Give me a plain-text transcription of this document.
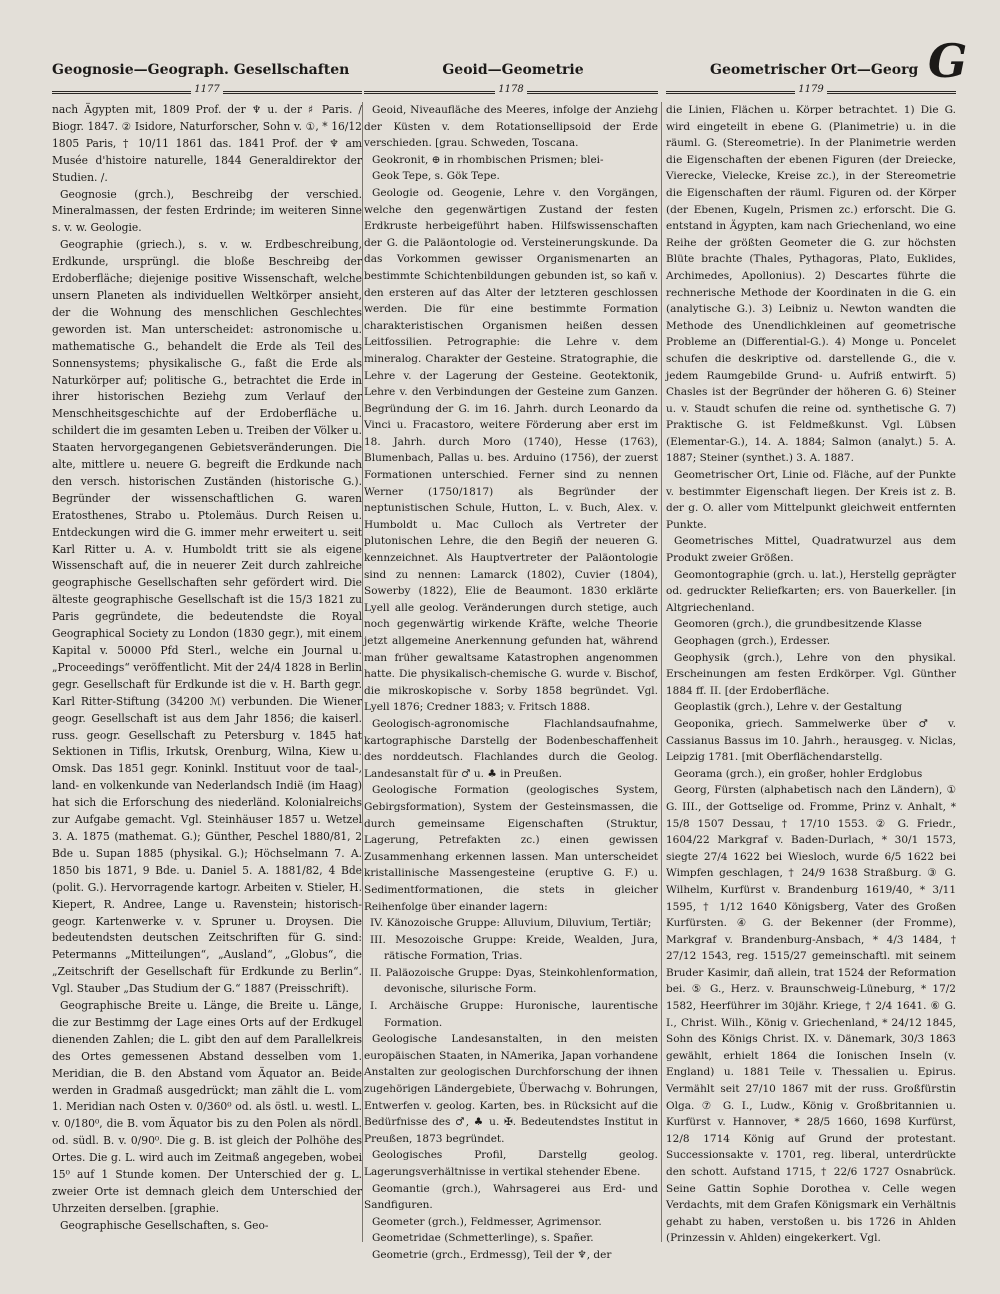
Geognosie—Geograph. Gesellschaften	Geoid—Geometrie	Geometrischer Ort—Georg G
1177	1178	1179

nach Ägypten mit, 1809 Prof. der ♆ u. der ♯ Paris. / Biogr. 1847. ② Isidore, Naturforscher, Sohn v. ①, * 16/12 1805 Paris, † 10/11 1861 das. 1841 Prof. der ♆ am Musée d'histoire naturelle, 1844 Generaldirektor der Studien. /.

Geognosie (grch.), Beschreibg der verschied. Mineralmassen, der festen Erdrinde; im weiteren Sinne s. v. w. Geologie.

Geographie (griech.), s. v. w. Erdbeschreibung, Erdkunde, ursprüngl. die bloße Beschreibg der Erdoberfläche; diejenige positive Wissenschaft, welche unsern Planeten als individuellen Weltkörper ansieht, der die Wohnung des menschlichen Geschlechtes geworden ist. Man unterscheidet: astronomische u. mathematische G., behandelt die Erde als Teil des Sonnensystems; physikalische G., faßt die Erde als Naturkörper auf; politische G., betrachtet die Erde in ihrer historischen Beziehg zum Verlauf der Menschheitsgeschichte auf der Erdoberfläche u. schildert die im gesamten Leben u. Treiben der Völker u. Staaten hervorgegangenen Gebietsveränderungen. Die alte, mittlere u. neuere G. begreift die Erdkunde nach den versch. historischen Zuständen (historische G.). Begründer der wissenschaftlichen G. waren Eratosthenes, Strabo u. Ptolemäus. Durch Reisen u. Entdeckungen wird die G. immer mehr erweitert u. seit Karl Ritter u. A. v. Humboldt tritt sie als eigene Wissenschaft auf, die in neuerer Zeit durch zahlreiche geographische Gesellschaften sehr gefördert wird. Die älteste geographische Gesellschaft ist die 15/3 1821 zu Paris gegründete, die bedeutendste die Royal Geographical Society zu London (1830 gegr.), mit einem Kapital v. 50000 Pfd Sterl., welche ein Journal u. „Proceedings“ veröffentlicht. Mit der 24/4 1828 in Berlin gegr. Gesellschaft für Erdkunde ist die v. H. Barth gegr. Karl Ritter-Stiftung (34200 ℳ) verbunden. Die Wiener geogr. Gesellschaft ist aus dem Jahr 1856; die kaiserl. russ. geogr. Gesellschaft zu Petersburg v. 1845 hat Sektionen in Tiflis, Irkutsk, Orenburg, Wilna, Kiew u. Omsk. Das 1851 gegr. Koninkl. Instituut voor de taal-, land- en volkenkunde van Nederlandsch Indië (im Haag) hat sich die Erforschung des niederländ. Kolonialreichs zur Aufgabe gemacht. Vgl. Steinhäuser 1857 u. Wetzel 3. A. 1875 (mathemat. G.); Günther, Peschel 1880/81, 2 Bde u. Supan 1885 (physikal. G.); Höchselmann 7. A. 1850 bis 1871, 9 Bde. u. Daniel 5. A. 1881/82, 4 Bde (polit. G.). Hervorragende kartogr. Arbeiten v. Stieler, H. Kiepert, R. Andree, Lange u. Ravenstein; historisch-geogr. Kartenwerke v. v. Spruner u. Droysen. Die bedeutendsten deutschen Zeitschriften für G. sind: Petermanns „Mitteilungen“, „Ausland“, „Globus“, die „Zeitschrift der Gesellschaft für Erdkunde zu Berlin“. Vgl. Stauber „Das Studium der G.“ 1887 (Preisschrift).

Geographische Breite u. Länge, die Breite u. Länge, die zur Bestimmg der Lage eines Orts auf der Erdkugel dienenden Zahlen; die L. gibt den auf dem Parallelkreis des Ortes gemessenen Abstand desselben vom 1. Meridian, die B. den Abstand vom Äquator an. Beide werden in Gradmaß ausgedrückt; man zählt die L. vom 1. Meridian nach Osten v. 0/360⁰ od. als östl. u. westl. L. v. 0/180⁰, die B. vom Äquator bis zu den Polen als nördl. od. südl. B. v. 0/90⁰. Die g. B. ist gleich der Polhöhe des Ortes. Die g. L. wird auch im Zeitmaß angegeben, wobei 15⁰ auf 1 Stunde komen. Der Unterschied der g. L. zweier Orte ist demnach gleich dem Unterschied der Uhrzeiten derselben. [graphie.

Geographische Gesellschaften, s. Geo-

Geoid, Niveaufläche des Meeres, infolge der Anziehg der Küsten v. dem Rotationsellipsoid der Erde verschieden. [grau. Schweden, Toscana.

Geokronit, ⊕ in rhombischen Prismen; blei-

Geok Tepe, s. Gök Tepe.

Geologie od. Geogenie, Lehre v. den Vorgängen, welche den gegenwärtigen Zustand der festen Erdkruste herbeigeführt haben. Hilfswissenschaften der G. die Paläontologie od. Versteinerungskunde. Da das Vorkommen gewisser Organismenarten an bestimmte Schichtenbildungen gebunden ist, so kañ v. den ersteren auf das Alter der letzteren geschlossen werden. Die für eine bestimmte Formation charakteristischen Organismen heißen dessen Leitfossilien. Petrographie: die Lehre v. dem mineralog. Charakter der Gesteine. Stratographie, die Lehre v. der Lagerung der Gesteine. Geotektonik, Lehre v. den Verbindungen der Gesteine zum Ganzen. Begründung der G. im 16. Jahrh. durch Leonardo da Vinci u. Fracastoro, weitere Förderung aber erst im 18. Jahrh. durch Moro (1740), Hesse (1763), Blumenbach, Pallas u. bes. Arduino (1756), der zuerst Formationen unterschied. Ferner sind zu nennen Werner (1750/1817) als Begründer der neptunistischen Schule, Hutton, L. v. Buch, Alex. v. Humboldt u. Mac Culloch als Vertreter der plutonischen Lehre, die den Begiñ der neueren G. kennzeichnet. Als Hauptvertreter der Paläontologie sind zu nennen: Lamarck (1802), Cuvier (1804), Sowerby (1822), Elie de Beaumont. 1830 erklärte Lyell alle geolog. Veränderungen durch stetige, auch noch gegenwärtig wirkende Kräfte, welche Theorie jetzt allgemeine Anerkennung gefunden hat, während man früher gewaltsame Katastrophen angenommen hatte. Die physikalisch-chemische G. wurde v. Bischof, die mikroskopische v. Sorby 1858 begründet. Vgl. Lyell 1876; Credner 1883; v. Fritsch 1888.

Geologisch-agronomische Flachlandsaufnahme, kartographische Darstellg der Bodenbeschaffenheit des norddeutsch. Flachlandes durch die Geolog. Landesanstalt für ♂ u. ♣ in Preußen.

Geologische Formation (geologisches System, Gebirgsformation), System der Gesteinsmassen, die durch gemeinsame Eigenschaften (Struktur, Lagerung, Petrefakten zc.) einen gewissen Zusammenhang erkennen lassen. Man unterscheidet kristallinische Massengesteine (eruptive G. F.) u. Sedimentformationen, die stets in gleicher Reihenfolge über einander lagern:

IV. Känozoische Gruppe: Alluvium, Diluvium, Tertiär;
III. Mesozoische Gruppe: Kreide, Wealden, Jura, rätische Formation, Trias.
II. Paläozoische Gruppe: Dyas, Steinkohlenformation, devonische, silurische Form.
I. Archäische Gruppe: Huronische, laurentische Formation.

Geologische Landesanstalten, in den meisten europäischen Staaten, in NAmerika, Japan vorhandene Anstalten zur geologischen Durchforschung der ihnen zugehörigen Ländergebiete, Überwachg v. Bohrungen, Entwerfen v. geolog. Karten, bes. in Rücksicht auf die Bedürfnisse des ♂, ♣ u. ✠. Bedeutendstes Institut in Preußen, 1873 begründet.

Geologisches Profil, Darstellg geolog. Lagerungsverhältnisse in vertikal stehender Ebene.

Geomantie (grch.), Wahrsagerei aus Erd- und Sandfiguren.

Geometer (grch.), Feldmesser, Agrimensor.

Geometridae (Schmetterlinge), s. Spañer.

Geometrie (grch., Erdmessg), Teil der ♆, der

die Linien, Flächen u. Körper betrachtet. 1) Die G. wird eingeteilt in ebene G. (Planimetrie) u. in die räuml. G. (Stereometrie). In der Planimetrie werden die Eigenschaften der ebenen Figuren (der Dreiecke, Vierecke, Vielecke, Kreise zc.), in der Stereometrie die Eigenschaften der räuml. Figuren od. der Körper (der Ebenen, Kugeln, Prismen zc.) erforscht. Die G. entstand in Ägypten, kam nach Griechenland, wo eine Reihe der größten Geometer die G. zur höchsten Blüte brachte (Thales, Pythagoras, Plato, Euklides, Archimedes, Apollonius). 2) Descartes führte die rechnerische Methode der Koordinaten in die G. ein (analytische G.). 3) Leibniz u. Newton wandten die Methode des Unendlichkleinen auf geometrische Probleme an (Differential-G.). 4) Monge u. Poncelet schufen die deskriptive od. darstellende G., die v. jedem Raumgebilde Grund- u. Aufriß entwirft. 5) Chasles ist der Begründer der höheren G. 6) Steiner u. v. Staudt schufen die reine od. synthetische G. 7) Praktische G. ist Feldmeßkunst. Vgl. Lübsen (Elementar-G.), 14. A. 1884; Salmon (analyt.) 5. A. 1887; Steiner (synthet.) 3. A. 1887.

Geometrischer Ort, Linie od. Fläche, auf der Punkte v. bestimmter Eigenschaft liegen. Der Kreis ist z. B. der g. O. aller vom Mittelpunkt gleichweit entfernten Punkte.

Geometrisches Mittel, Quadratwurzel aus dem Produkt zweier Größen.

Geomontographie (grch. u. lat.), Herstellg geprägter od. gedruckter Reliefkarten; ers. von Bauerkeller. [in Altgriechenland.

Geomoren (grch.), die grundbesitzende Klasse

Geophagen (grch.), Erdesser.

Geophysik (grch.), Lehre von den physikal. Erscheinungen am festen Erdkörper. Vgl. Günther 1884 ff. II. [der Erdoberfläche.

Geoplastik (grch.), Lehre v. der Gestaltung

Geoponika, griech. Sammelwerke über ♂ v. Cassianus Bassus im 10. Jahrh., herausgeg. v. Niclas, Leipzig 1781. [mit Oberflächendarstellg.

Georama (grch.), ein großer, hohler Erdglobus

Georg, Fürsten (alphabetisch nach den Ländern), ① G. III., der Gottselige od. Fromme, Prinz v. Anhalt, * 15/8 1507 Dessau, † 17/10 1553. ② G. Friedr., 1604/22 Markgraf v. Baden-Durlach, * 30/1 1573, siegte 27/4 1622 bei Wiesloch, wurde 6/5 1622 bei Wimpfen geschlagen, † 24/9 1638 Straßburg. ③ G. Wilhelm, Kurfürst v. Brandenburg 1619/40, * 3/11 1595, † 1/12 1640 Königsberg, Vater des Großen Kurfürsten. ④ G. der Bekenner (der Fromme), Markgraf v. Brandenburg-Ansbach, * 4/3 1484, † 27/12 1543, reg. 1515/27 gemeinschaftl. mit seinem Bruder Kasimir, dañ allein, trat 1524 der Reformation bei. ⑤ G., Herz. v. Braunschweig-Lüneburg, * 17/2 1582, Heerführer im 30jähr. Kriege, † 2/4 1641. ⑥ G. I., Christ. Wilh., König v. Griechenland, * 24/12 1845, Sohn des Königs Christ. IX. v. Dänemark, 30/3 1863 gewählt, erhielt 1864 die Ionischen Inseln (v. England) u. 1881 Teile v. Thessalien u. Epirus. Vermählt seit 27/10 1867 mit der russ. Großfürstin Olga. ⑦ G. I., Ludw., König v. Großbritannien u. Kurfürst v. Hannover, * 28/5 1660, 1698 Kurfürst, 12/8 1714 König auf Grund der protestant. Successionsakte v. 1701, reg. liberal, unterdrückte den schott. Aufstand 1715, † 22/6 1727 Osnabrück. Seine Gattin Sophie Dorothea v. Celle wegen Verdachts, mit dem Grafen Königsmark ein Verhältnis gehabt zu haben, verstoßen u. bis 1726 in Ahlden (Prinzessin v. Ahlden) eingekerkert. Vgl.
